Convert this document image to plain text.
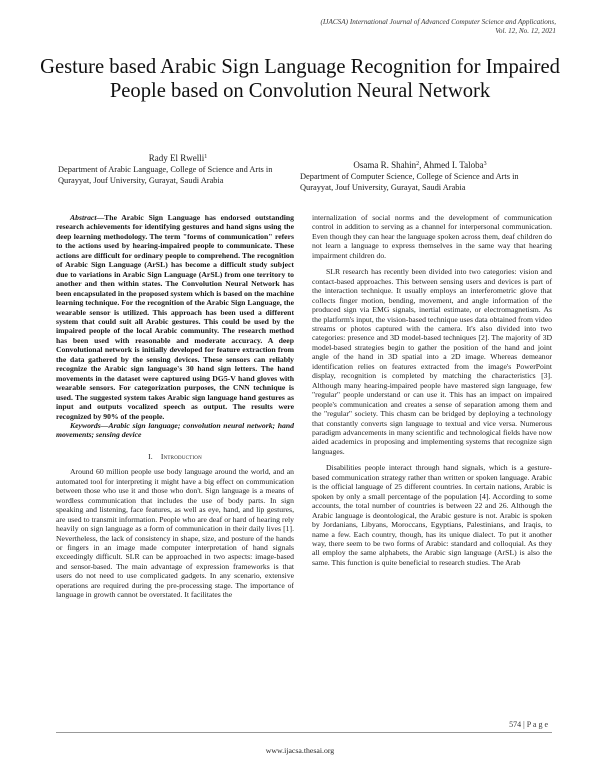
(IJACSA) International Journal of Advanced Computer Science and Applications,
Vol. 12, No. 12, 2021
Gesture based Arabic Sign Language Recognition for Impaired People based on Convolution Neural Network
Rady El Rwelli$^1$
Department of Arabic Language, College of Science and Arts in Qurayyat, Jouf University, Gurayat, Saudi Arabia
Osama R. Shahin$^2$, Ahmed I. Taloba$^3$
Department of Computer Science, College of Science and Arts in Qurayyat, Jouf University, Gurayat, Saudi Arabia

Abstract—The Arabic Sign Language has endorsed outstanding research achievements for identifying gestures and hand signs using the deep learning methodology. The term "forms of communication" refers to the actions used by hearing-impaired people to communicate. These actions are difficult for ordinary people to comprehend. The recognition of Arabic Sign Language (ArSL) has become a difficult study subject due to variations in Arabic Sign Language (ArSL) from one territory to another and then within states. The Convolution Neural Network has been encapsulated in the proposed system which is based on the machine learning technique. For the recognition of the Arabic Sign Language, the wearable sensor is utilized. This approach has been used a different system that could suit all Arabic gestures. This could be used by the impaired people of the local Arabic community. The research method has been used with reasonable and moderate accuracy. A deep Convolutional network is initially developed for feature extraction from the data gathered by the sensing devices. These sensors can reliably recognize the Arabic sign language's 30 hand sign letters. The hand movements in the dataset were captured using DG5-V hand gloves with wearable sensors. For categorization purposes, the CNN technique is used. The suggested system takes Arabic sign language hand gestures as input and outputs vocalized speech as output. The results were recognized by 90% of the people.

Keywords—Arabic sign language; convolution neural network; hand movements; sensing device

I. Introduction

Around 60 million people use body language around the world, and an automated tool for interpreting it might have a big effect on communication between those who use it and those who don't. Sign language is a means of wordless communication that includes the use of body parts. In sign speaking and listening, face features, as well as eye, hand, and lip gestures, are used to transmit information. People who are deaf or hard of hearing rely heavily on sign language as a form of communication in their daily lives [1]. Nevertheless, the lack of consistency in shape, size, and posture of the hands or fingers in an image made computer interpretation of hand signals exceedingly difficult. SLR can be approached in two aspects: image-based and sensor-based. The main advantage of expression frameworks is that users do not need to use complicated gadgets. In any scenario, extensive operations are required during the pre-processing stage. The importance of language in growth cannot be overstated. It facilitates the

internalization of social norms and the development of communication control in addition to serving as a channel for interpersonal communication. Even though they can hear the language spoken across them, deaf children do not learn a language to express themselves in the same way that hearing impairment children do.

SLR research has recently been divided into two categories: vision and contact-based approaches. This between sensing users and devices is part of the interaction technique. It usually employs an interferometric glove that collects finger motion, bending, movement, and angle information of the produced sign via EMG signals, inertial estimate, or electromagnetism. As the platform's input, the vision-based technique uses data obtained from video streams or photos captured with the camera. It's also divided into two categories: presence and 3D model-based techniques [2]. The majority of 3D model-based strategies begin to gather the position of the hand and joint angle of the hand in 3D spatial into a 2D image. Whereas demeanor identification relies on features extracted from the image's PowerPoint display, recognition is completed by matching the characteristics [3]. Although many hearing-impaired people have mastered sign language, few "regular" people understand or can use it. This has an impact on impaired people's communication and creates a sense of separation among them and the "regular" society. This chasm can be bridged by deploying a technology that constantly converts sign language to textual and vice versa. Numerous paradigm advancements in many scientific and technological fields have now aided academics in proposing and implementing systems that recognize sign languages.

Disabilities people interact through hand signals, which is a gesture-based communication strategy rather than written or spoken language. Arabic is the official language of 25 different countries. In certain nations, Arabic is spoken by only a small percentage of the population [4]. According to some accounts, the total number of countries is between 22 and 26. Although the Arabic language is deontological, the Arabic gesture is not. Arabic is spoken by Jordanians, Libyans, Moroccans, Egyptians, Palestinians, and Iraqis, to name a few. Each country, though, has its unique dialect. To put it another way, there seem to be two forms of Arabic: standard and colloquial. As they all employ the same alphabets, the Arabic sign language (ArSL) is also the same. This function is quite beneficial to research studies. The Arab

574 | P a g e
www.ijacsa.thesai.org
